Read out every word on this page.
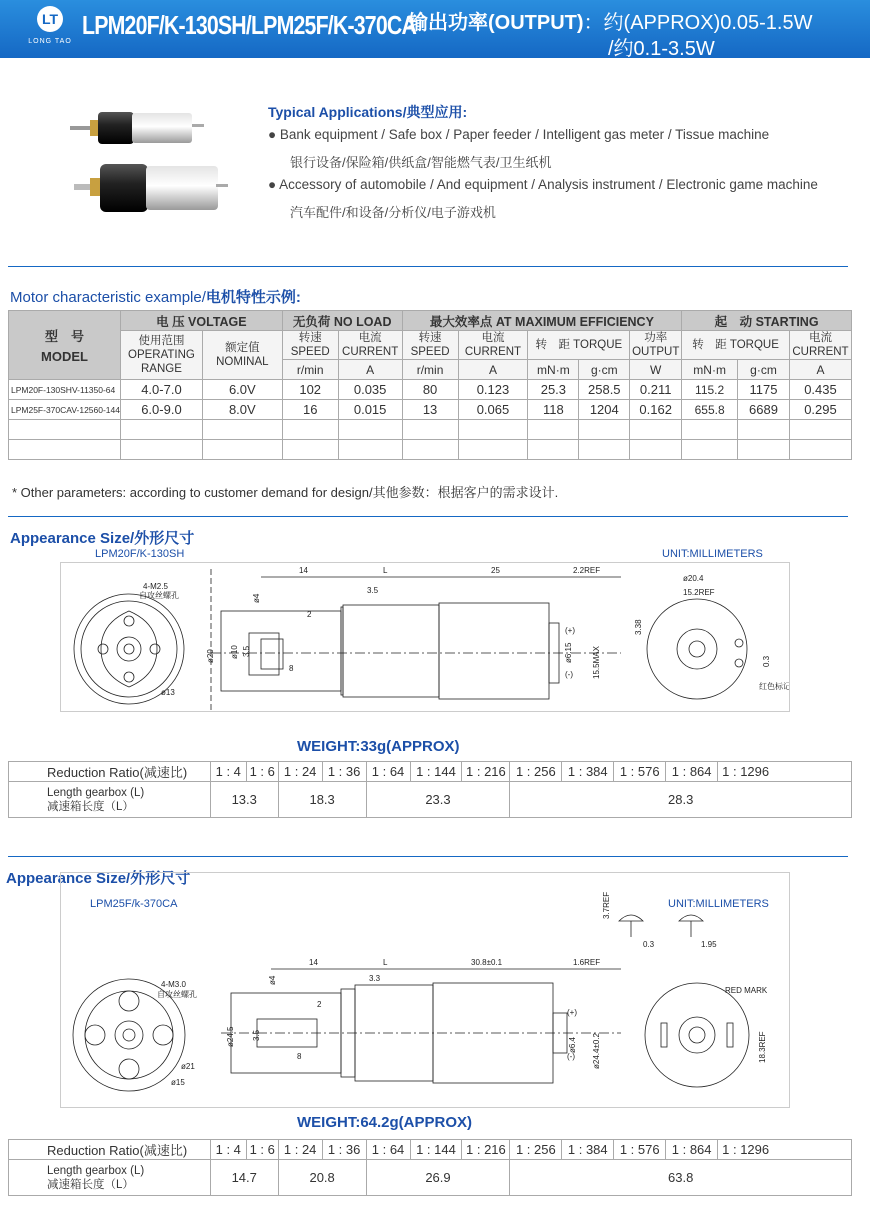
LT
LONG TAO
LPM20F/K-130SH/LPM25F/K-370CA
输出功率(OUTPUT)：约(APPROX)0.05-1.5W
/约0.1-3.5W
Typical Applications/典型应用:
● Bank equipment / Safe box / Paper feeder / Intelligent gas meter / Tissue machine
银行设备/保险箱/供纸盒/智能燃气表/卫生纸机
● Accessory of automobile / And equipment / Analysis instrument / Electronic game machine
汽车配件/和设备/分析仪/电子游戏机
Motor characteristic example/电机特性示例:
型　号
MODEL	电 压 VOLTAGE		无负荷 NO LOAD		最大效率点 AT MAXIMUM EFFICIENCY					起　动 STARTING		
	使用范围 OPERATING RANGE	额定值 NOMINAL	转速 SPEED	电流 CURRENT	转速 SPEED	电流 CURRENT	转　距 TORQUE		功率 OUTPUT	转　距 TORQUE		电流 CURRENT
			r/min	A	r/min	A	mN·m	g·cm	W	mN·m	g·cm	A
LPM20F-130SHV-11350-64	4.0-7.0	6.0V	102	0.035	80	0.123	25.3	258.5	0.211	115.2	1175	0.435
LPM25F-370CAV-12560-144	6.0-9.0	8.0V	16	0.015	13	0.065	118	1204	0.162	655.8	6689	0.295

* Other parameters: according to customer demand for design/其他参数：根据客户的需求设计.
Appearance Size/外形尺寸
LPM20F/K-130SH	UNIT:MILLIMETERS
4-M2.5
自攻丝螺孔
ø13
14	L	25	2.2REF
3.5
2
8
ø20 ø10
ø4
3.5	ø6.15 15.5MAX
(+)
(-)
ø20.4
15.2REF
3.38
0.3
红色标记
WEIGHT:33g(APPROX)
Reduction Ratio(减速比)	1 : 4	1 : 6	1 : 24	1 : 36	1 : 64	1 : 144	1 : 216	1 : 256	1 : 384	1 : 576	1 : 864	1 : 1296

Length gearbox (L)
减速箱长度（L）	13.3		18.3		23.3			28.3				
Appearance Size/外形尺寸
4-M3.0
自攻丝螺孔
ø21
ø15
14	L	30.8±0.1	1.6REF
3.3
2
8
ø24.5
ø4
3.5
ø6.4 ø24.4±0.2
(+)
(-)
3.7REF
0.3	1.95
RED MARK
18.3REF
LPM25F/k-370CA	UNIT:MILLIMETERS
WEIGHT:64.2g(APPROX)
Reduction Ratio(减速比)	1 : 4	1 : 6	1 : 24	1 : 36	1 : 64	1 : 144	1 : 216	1 : 256	1 : 384	1 : 576	1 : 864	1 : 1296

Length gearbox (L)
减速箱长度（L）	14.7		20.8		26.9			63.8				
